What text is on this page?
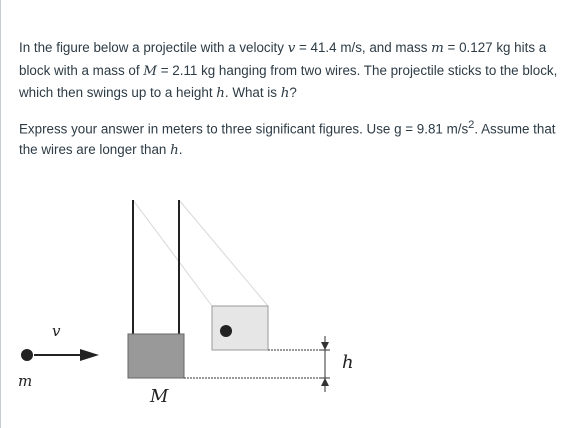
In the figure below a projectile with a velocity v = 41.4 m/s, and mass m = 0.127 kg hits a block with a mass of M = 2.11 kg hanging from two wires. The projectile sticks to the block, which then swings up to a height h. What is h?

Express your answer in meters to three significant figures. Use g = 9.81 $m/s^2$. Assume that the wires are longer than h.

v
m
M
h
